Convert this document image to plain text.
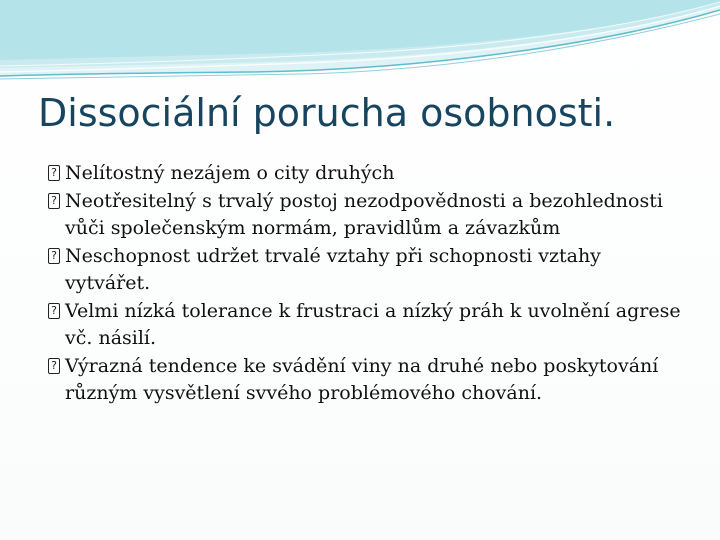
Dissociální porucha osobnosti.
?
Nelítostný nezájem o city druhých
?
Neotřesitelný s trvalý postoj nezodpovědnosti a bezohlednosti vůči společenským normám, pravidlům a závazkům
?
Neschopnost udržet trvalé vztahy při schopnosti vztahy vytvářet.
?
Velmi nízká tolerance k frustraci a nízký práh k uvolnění agrese vč. násilí.
?
Výrazná tendence ke svádění viny na druhé nebo poskytování různým vysvětlení svvého problémového chování.
